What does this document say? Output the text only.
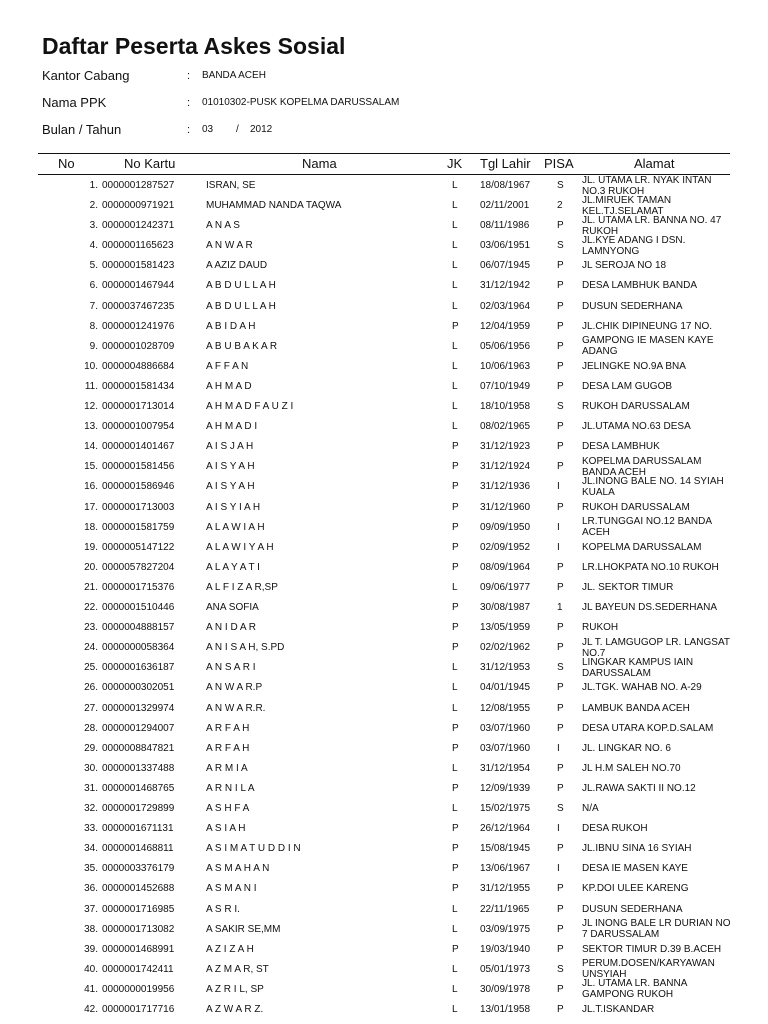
Daftar Peserta Askes Sosial
Kantor Cabang	: BANDA ACEH
Nama PPK	: 01010302-PUSK KOPELMA DARUSSALAM
Bulan / Tahun	: 03 / 2012
No	No Kartu	Nama	JK Tgl Lahir PISA	Alamat
1. 0000001287527	ISRAN, SE	L 18/08/1967	S JL. UTAMA LR. NYAK INTAN NO.3 RUKOH
2. 0000000971921	MUHAMMAD NANDA TAQWA	L 02/11/2001	2 JL.MIRUEK TAMAN KEL.TJ.SELAMAT
3. 0000001242371	A N A S	L 08/11/1986	P JL. UTAMA LR. BANNA NO. 47 RUKOH
4. 0000001165623	A N W A R	L 03/06/1951	S JL.KYE ADANG I DSN. LAMNYONG
5. 0000001581423	A AZIZ DAUD	L 06/07/1945	P JL SEROJA NO 18
6. 0000001467944	A B D U L L A H	L 31/12/1942	P DESA LAMBHUK BANDA
7. 0000037467235	A B D U L L A H	L 02/03/1964	P DUSUN SEDERHANA
8. 0000001241976	A B I D A H	P 12/04/1959	P JL.CHIK DIPINEUNG 17 NO.
9. 0000001028709	A B U B A K A R	L 05/06/1956	P GAMPONG IE MASEN KAYE ADANG
10. 0000004886684	A F F A N	L 10/06/1963	P JELINGKE NO.9A BNA
11. 0000001581434	A H M A D	L 07/10/1949	P DESA LAM GUGOB
12. 0000001713014	A H M A D F A U Z I	L 18/10/1958	S RUKOH DARUSSALAM
13. 0000001007954	A H M A D I	L 08/02/1965	P JL.UTAMA NO.63 DESA
14. 0000001401467	A I S J A H	P 31/12/1923	P DESA LAMBHUK
15. 0000001581456	A I S Y A H	P 31/12/1924	P KOPELMA DARUSSALAM BANDA ACEH
16. 0000001586946	A I S Y A H	P 31/12/1936	I JL.INONG BALE NO. 14 SYIAH KUALA
17. 0000001713003	A I S Y I A H	P 31/12/1960	P RUKOH DARUSSALAM
18. 0000001581759	A L A W I A H	P 09/09/1950	I LR.TUNGGAI NO.12 BANDA ACEH
19. 0000005147122	A L A W I Y A H	P 02/09/1952	I KOPELMA DARUSSALAM
20. 0000057827204	A L A Y A T I	P 08/09/1964	P LR.LHOKPATA NO.10 RUKOH
21. 0000001715376	A L F I Z A R,SP	L 09/06/1977	P JL. SEKTOR TIMUR
22. 0000001510446	ANA SOFIA	P 30/08/1987	1 JL BAYEUN DS.SEDERHANA
23. 0000004888157	A N I D A R	P 13/05/1959	P RUKOH
24. 0000000058364	A N I S A H, S.PD	P 02/02/1962	P JL T. LAMGUGOP LR. LANGSAT NO.7
25. 0000001636187	A N S A R I	L 31/12/1953	S LINGKAR KAMPUS IAIN DARUSSALAM
26. 0000000302051	A N W A R.P	L 04/01/1945	P JL.TGK. WAHAB NO. A-29
27. 0000001329974	A N W A R.R.	L 12/08/1955	P LAMBUK BANDA ACEH
28. 0000001294007	A R F A H	P 03/07/1960	P DESA UTARA KOP.D.SALAM
29. 0000008847821	A R F A H	P 03/07/1960	I JL. LINGKAR NO. 6
30. 0000001337488	A R M I A	L 31/12/1954	P JL H.M SALEH NO.70
31. 0000001468765	A R N I L A	P 12/09/1939	P JL.RAWA SAKTI II NO.12
32. 0000001729899	A S H F A	L 15/02/1975	S N/A
33. 0000001671131	A S I A H	P 26/12/1964	I DESA RUKOH
34. 0000001468811	A S I M A T U D D I N	P 15/08/1945	P JL.IBNU SINA 16 SYIAH
35. 0000003376179	A S M A H A N	P 13/06/1967	I DESA IE MASEN KAYE
36. 0000001452688	A S M A N I	P 31/12/1955	P KP.DOI ULEE KARENG
37. 0000001716985	A S R I.	L 22/11/1965	P DUSUN SEDERHANA
38. 0000001713082	A SAKIR SE,MM	L 03/09/1975	P JL INONG BALE LR DURIAN NO 7 DARUSSALAM
39. 0000001468991	A Z I Z A H	P 19/03/1940	P SEKTOR TIMUR D.39 B.ACEH
40. 0000001742411	A Z M A R, ST	L 05/01/1973	S PERUM.DOSEN/KARYAWAN UNSYIAH
41. 0000000019956	A Z R I L, SP	L 30/09/1978	P JL. UTAMA LR. BANNA GAMPONG RUKOH
42. 0000001717716	A Z W A R Z.	L 13/01/1958	P JL.T.ISKANDAR
